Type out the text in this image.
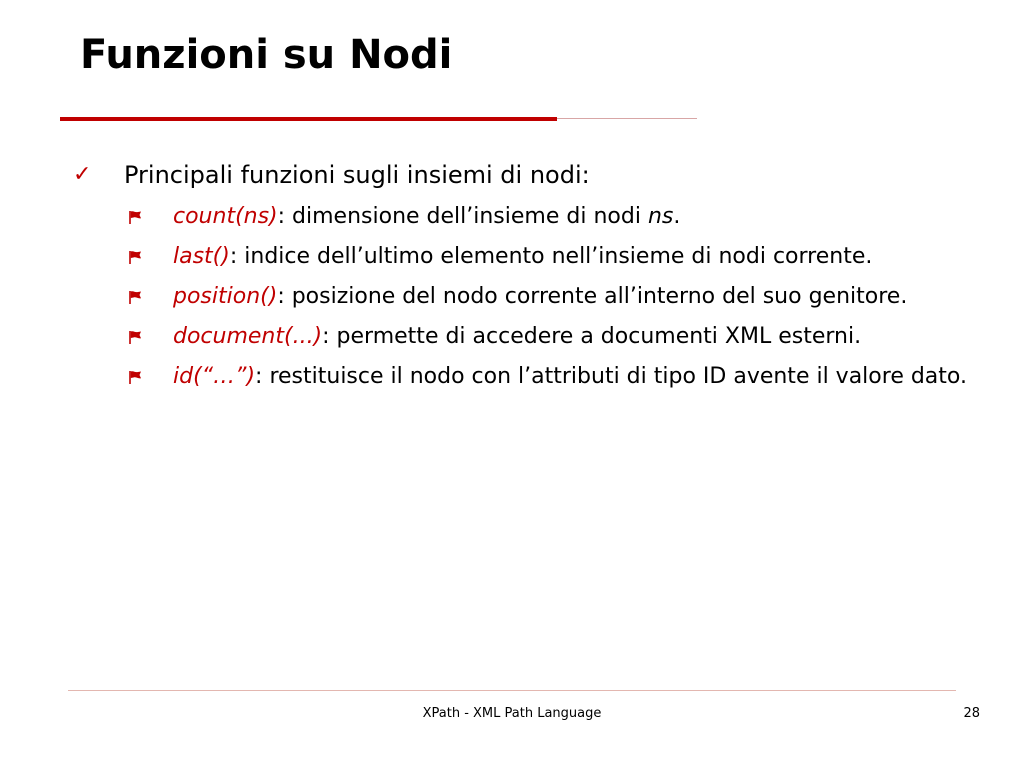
Funzioni su Nodi
✓ Principali funzioni sugli insiemi di nodi:
count(ns): dimensione dell’insieme di nodi ns.
last(): indice dell’ultimo elemento nell’insieme di nodi corrente.
position(): posizione del nodo corrente all’interno del suo genitore.
document(...): permette di accedere a documenti XML esterni.
id(“…”): restituisce il nodo con l’attributi di tipo ID avente il valore dato.
XPath - XML Path Language	28
